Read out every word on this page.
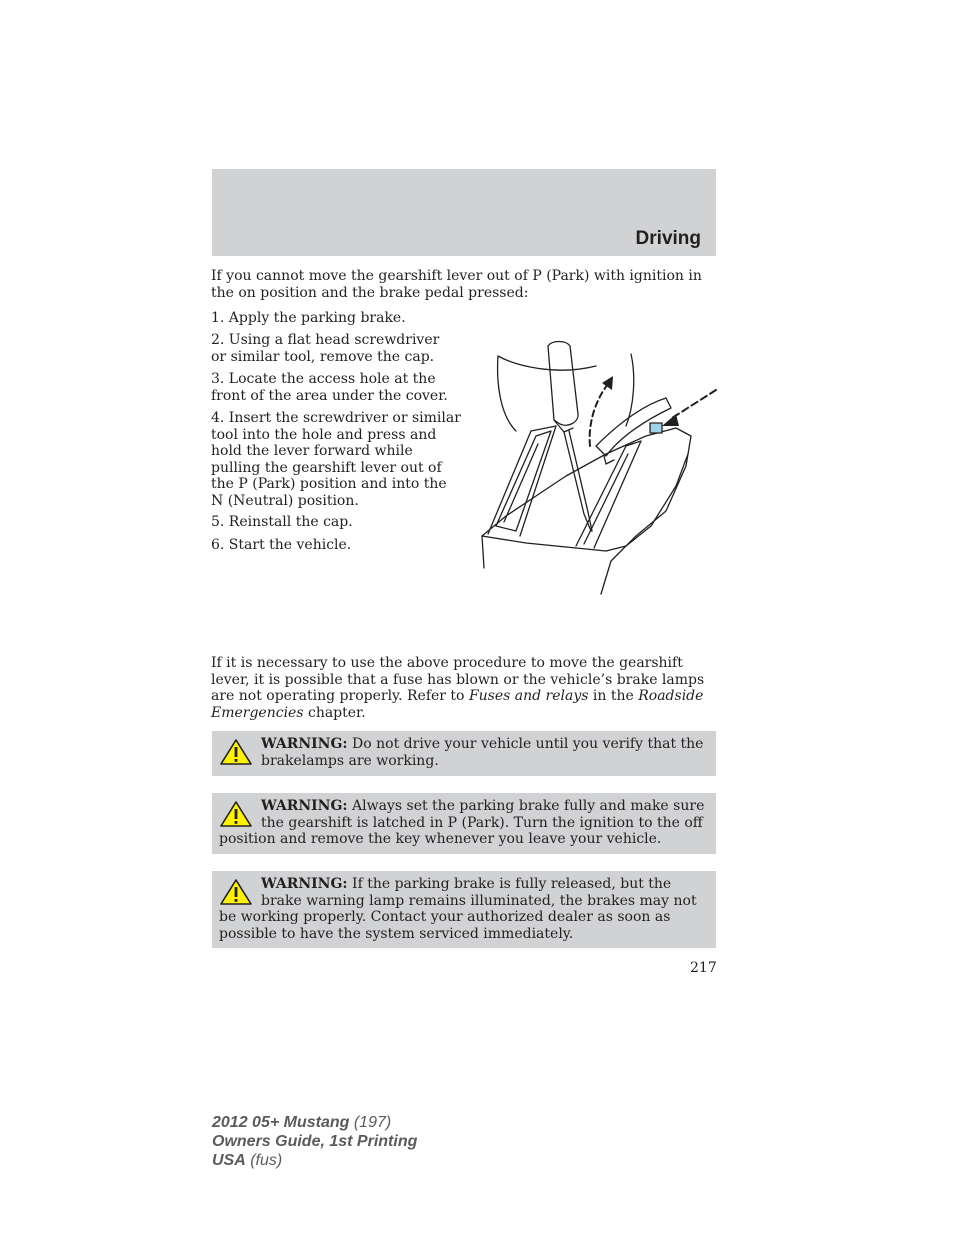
Driving

If you cannot move the gearshift lever out of P (Park) with ignition in the on position and the brake pedal pressed:

1. Apply the parking brake.
2. Using a flat head screwdriver or similar tool, remove the cap.
3. Locate the access hole at the front of the area under the cover.
4. Insert the screwdriver or similar tool into the hole and press and hold the lever forward while pulling the gearshift lever out of the P (Park) position and into the N (Neutral) position.
5. Reinstall the cap.
6. Start the vehicle.

If it is necessary to use the above procedure to move the gearshift lever, it is possible that a fuse has blown or the vehicle’s brake lamps are not operating properly. Refer to Fuses and relays in the Roadside Emergencies chapter.

WARNING: Do not drive your vehicle until you verify that the brakelamps are working.
WARNING: Always set the parking brake fully and make sure the gearshift is latched in P (Park). Turn the ignition to the off position and remove the key whenever you leave your vehicle.
WARNING: If the parking brake is fully released, but the brake warning lamp remains illuminated, the brakes may not be working properly. Contact your authorized dealer as soon as possible to have the system serviced immediately.
217
2012 05+ Mustang (197)
Owners Guide, 1st Printing
USA (fus)
